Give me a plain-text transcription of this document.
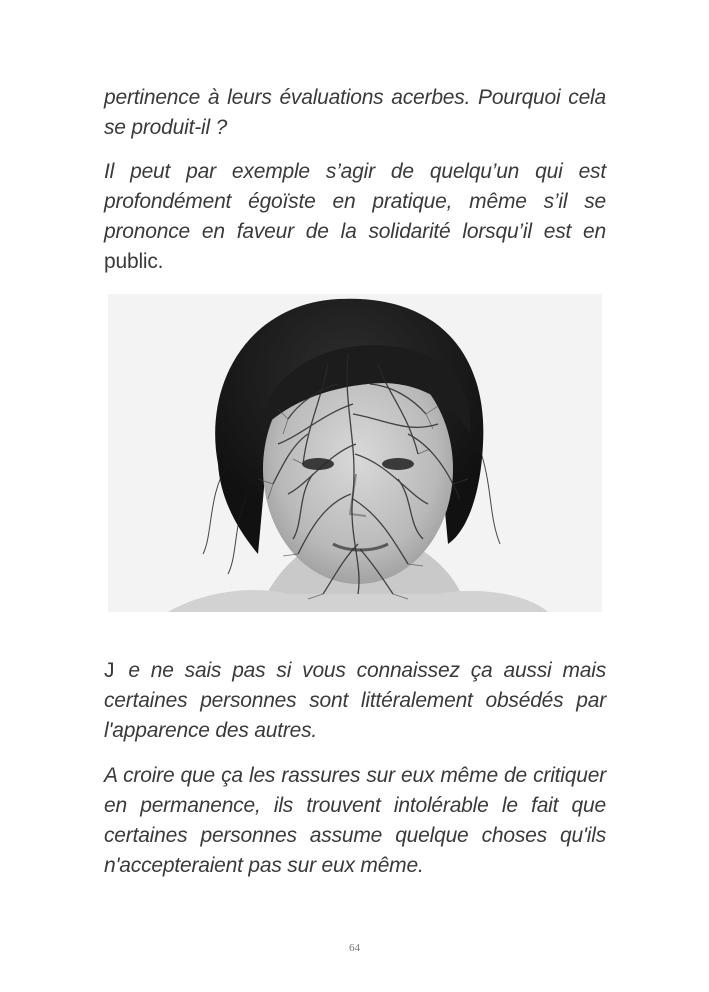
pertinence à leurs évaluations acerbes. Pourquoi cela se produit-il ?

Il peut par exemple s’agir de quelqu’un qui est profondément égoïste en pratique, même s’il se prononce en faveur de la solidarité lorsqu’il est en public.

J e ne sais pas si vous connaissez ça aussi mais certaines personnes sont littéralement obsédés par l'apparence des autres.

A croire que ça les rassures sur eux même de critiquer en permanence, ils trouvent intolérable le fait que certaines personnes assume quelque choses qu'ils n'accepteraient pas sur eux même.

64
